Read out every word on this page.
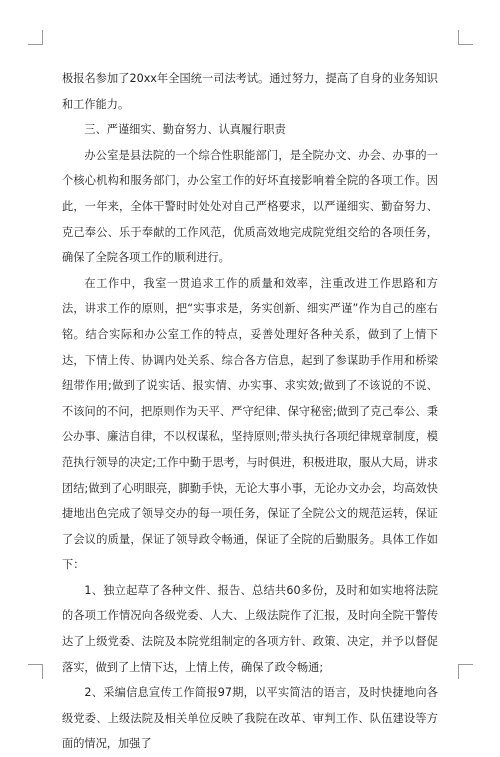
极报名参加了20xx年全国统一司法考试。通过努力，提高了自身的业务知识和工作能力。

三、严谨细实、勤奋努力、认真履行职责

办公室是县法院的一个综合性职能部门，是全院办文、办会、办事的一个核心机构和服务部门，办公室工作的好坏直接影响着全院的各项工作。因此，一年来，全体干警时时处处对自己严格要求，以严谨细实、勤奋努力、克己奉公、乐于奉献的工作风范，优质高效地完成院党组交给的各项任务，确保了全院各项工作的顺利进行。

在工作中，我室一贯追求工作的质量和效率，注重改进工作思路和方法，讲求工作的原则，把“实事求是，务实创新、细实严谨”作为自己的座右铭。结合实际和办公室工作的特点，妥善处理好各种关系，做到了上情下达，下情上传、协调内处关系、综合各方信息，起到了参谋助手作用和桥梁纽带作用;做到了说实话、报实情、办实事、求实效;做到了不该说的不说、不该问的不问，把原则作为天平、严守纪律、保守秘密;做到了克己奉公、秉公办事、廉洁自律，不以权谋私，坚持原则;带头执行各项纪律规章制度，模范执行领导的决定;工作中勤于思考，与时俱进，积极进取，服从大局，讲求团结;做到了心明眼亮，脚勤手快，无论大事小事，无论办文办会，均高效快捷地出色完成了领导交办的每一项任务，保证了全院公文的规范运转，保证了会议的质量，保证了领导政令畅通，保证了全院的后勤服务。具体工作如下：

1、独立起草了各种文件、报告、总结共60多份，及时和如实地将法院的各项工作情况向各级党委、人大、上级法院作了汇报，及时向全院干警传达了上级党委、法院及本院党组制定的各项方针、政策、决定，并予以督促落实，做到了上情下达，上情上传，确保了政令畅通;

2、采编信息宣传工作简报97期，以平实简洁的语言，及时快捷地向各级党委、上级法院及相关单位反映了我院在改革、审判工作、队伍建设等方面的情况，加强了
